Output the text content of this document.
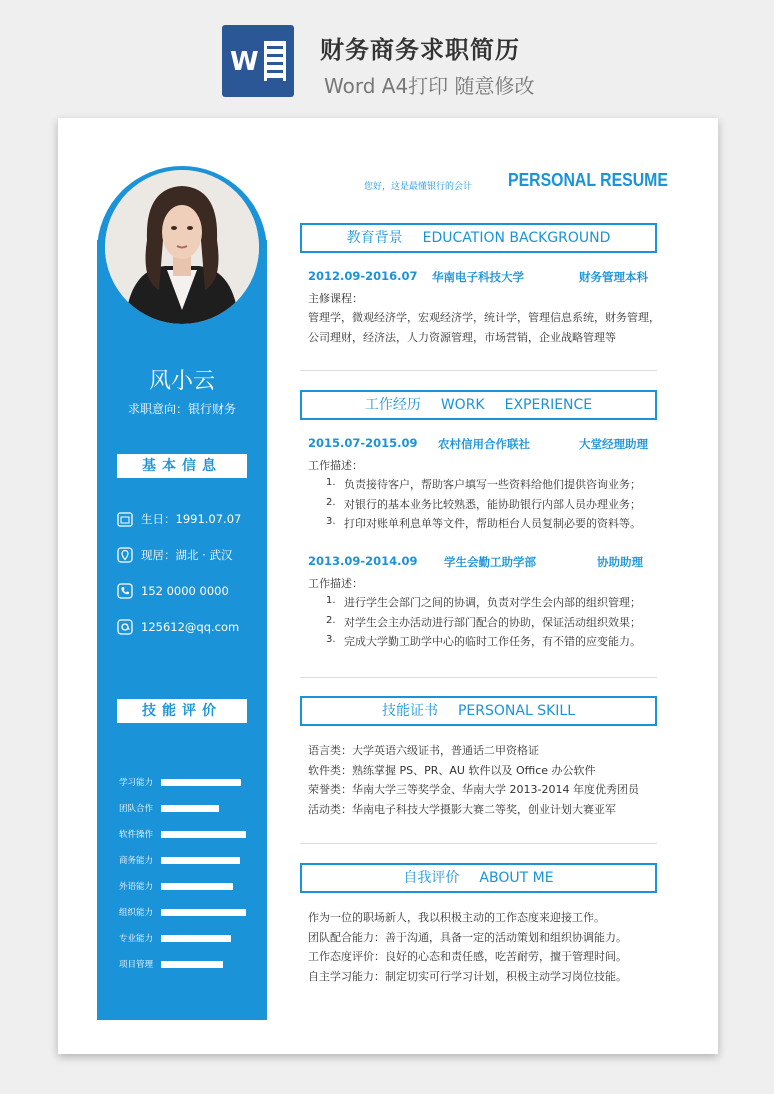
W	财务商务求职简历
Word A4打印 随意修改
风小云
求职意向：银行财务
基本信息
生日：1991.07.07
现居：湖北 · 武汉
152 0000 0000
125612@qq.com
技能评价
学习能力
团队合作
软件操作
商务能力
外语能力
组织能力
专业能力
项目管理
您好，这是最懂银行的会计 PERSONAL RESUME
教育背景 EDUCATION BACKGROUND
2012.09-2016.07 华南电子科技大学	财务管理本科
主修课程：
管理学，微观经济学，宏观经济学，统计学，管理信息系统，财务管理，
公司理财，经济法，人力资源管理，市场营销，企业战略管理等
工作经历 WORK EXPERIENCE
2015.07-2015.09 农村信用合作联社	大堂经理助理
工作描述：
1. 负责接待客户，帮助客户填写一些资料给他们提供咨询业务；
2. 对银行的基本业务比较熟悉，能协助银行内部人员办理业务；
3. 打印对账单利息单等文件，帮助柜台人员复制必要的资料等。
2013.09-2014.09 学生会勤工助学部	协助助理
工作描述：
1. 进行学生会部门之间的协调，负责对学生会内部的组织管理；
2. 对学生会主办活动进行部门配合的协助，保证活动组织效果；
3. 完成大学勤工助学中心的临时工作任务，有不错的应变能力。
技能证书 PERSONAL SKILL
语言类：大学英语六级证书，普通话二甲资格证
软件类：熟练掌握 PS、PR、AU 软件以及 Office 办公软件
荣誉类：华南大学三等奖学金、华南大学 2013-2014 年度优秀团员
活动类：华南电子科技大学摄影大赛二等奖，创业计划大赛亚军
自我评价 ABOUT ME
作为一位的职场新人，我以积极主动的工作态度来迎接工作。
团队配合能力：善于沟通，具备一定的活动策划和组织协调能力。
工作态度评价：良好的心态和责任感，吃苦耐劳，擅于管理时间。
自主学习能力：制定切实可行学习计划，积极主动学习岗位技能。
